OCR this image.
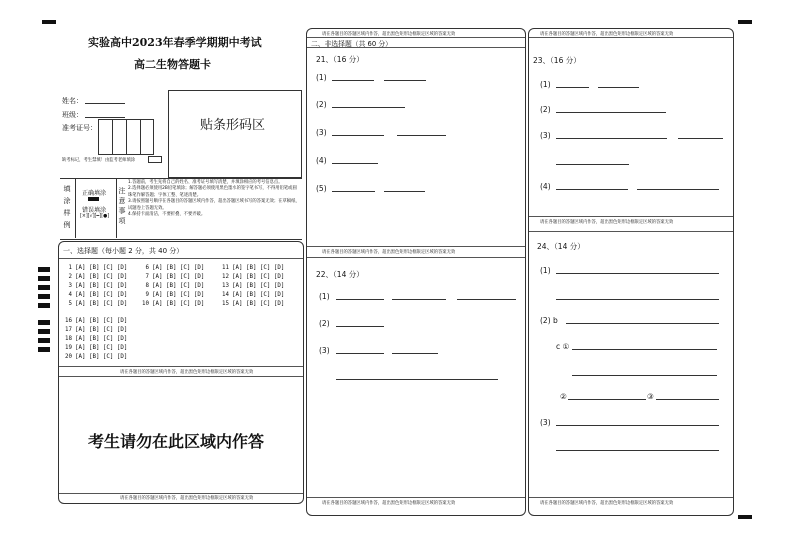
实验高中2023年春季学期期中考试
高二生物答题卡
姓名：
班级：
准考证号：
缺考标记，考生禁填！由监考老师填涂
贴条形码区
填
涂
样
例
正确填涂
错误填涂
[×][√][━][●]
注
意
事
项
1.答题前，考生先将自己的姓名、准考证号填写清楚，并填涂相应的考号信息点。
2.选择题必须使用2B铅笔填涂；解答题必须使用黑色墨水的签字笔书写，不得用铅笔或圆珠笔作解答题；字体工整、笔迹清楚。
3.请按照题号顺序在各题目的答题区域内作答，超出答题区域书写的答案无效；在草稿纸、试题卷上答题无效。
4.保持卡面清洁，不要折叠、不要弄破。
一、选择题（每小题 2 分，共 40 分）
1 [A] [B] [C] [D]
2 [A] [B] [C] [D]
3 [A] [B] [C] [D]
4 [A] [B] [C] [D]
5 [A] [B] [C] [D]
6 [A] [B] [C] [D]
7 [A] [B] [C] [D]
8 [A] [B] [C] [D]
9 [A] [B] [C] [D]
10 [A] [B] [C] [D]
11 [A] [B] [C] [D]
12 [A] [B] [C] [D]
13 [A] [B] [C] [D]
14 [A] [B] [C] [D]
15 [A] [B] [C] [D]
16 [A] [B] [C] [D]
17 [A] [B] [C] [D]
18 [A] [B] [C] [D]
19 [A] [B] [C] [D]
20 [A] [B] [C] [D]
请在各题目的答题区域内作答，超出黑色矩形边框限定区域的答案无效
考生请勿在此区域内作答
请在各题目的答题区域内作答，超出黑色矩形边框限定区域的答案无效
请在各题目的答题区域内作答，超出黑色矩形边框限定区域的答案无效
二、非选择题（共 60 分）
21、（16 分）
(1)
(2)
(3)
(4)
(5)
请在各题目的答题区域内作答，超出黑色矩形边框限定区域的答案无效
22、（14 分）
(1)
(2)
(3)
请在各题目的答题区域内作答，超出黑色矩形边框限定区域的答案无效
请在各题目的答题区域内作答，超出黑色矩形边框限定区域的答案无效
23、（16 分）
(1)
(2)
(3)
(4)
请在各题目的答题区域内作答，超出黑色矩形边框限定区域的答案无效
24、（14 分）
(1)
(2) b
c ①
②	③
(3)
请在各题目的答题区域内作答，超出黑色矩形边框限定区域的答案无效
